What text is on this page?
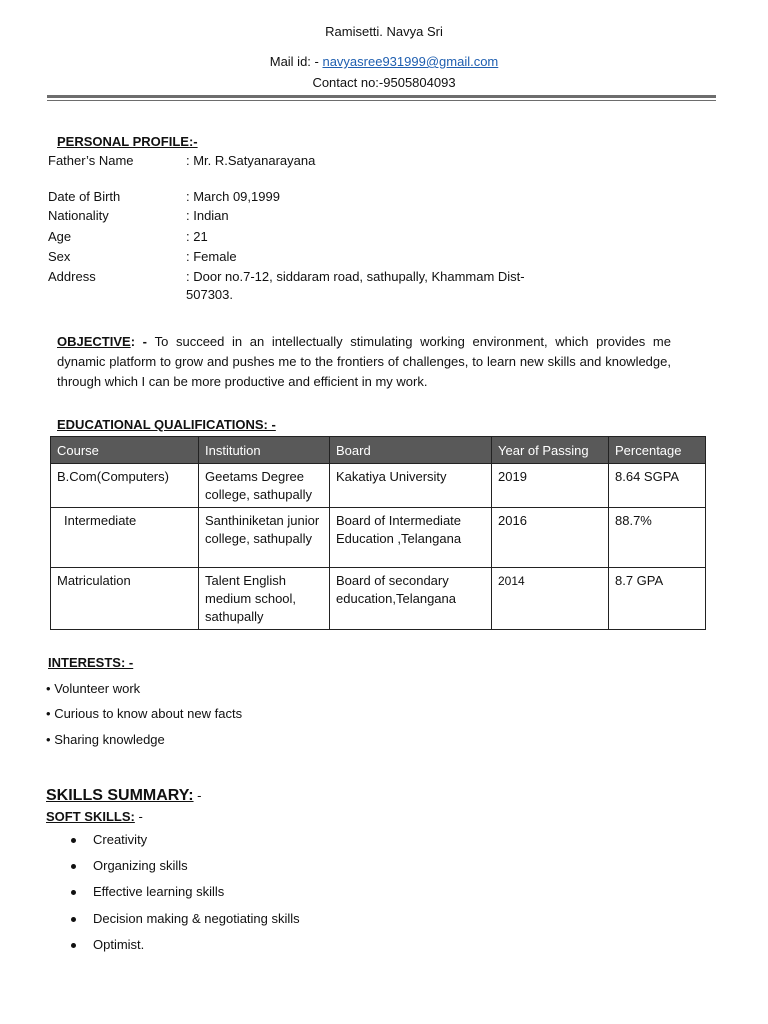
Ramisetti. Navya Sri
Mail id: - navyasree931999@gmail.com
Contact no:-9505804093
PERSONAL PROFILE:-
Father’s Name	: Mr. R.Satyanarayana
Date of Birth	: March 09,1999
Nationality	: Indian
Age	: 21
Sex	: Female
Address	: Door no.7-12, siddaram road, sathupally, Khammam Dist-
507303.
OBJECTIVE: - To succeed in an intellectually stimulating working environment, which provides me dynamic platform to grow and pushes me to the frontiers of challenges, to learn new skills and knowledge, through which I can be more productive and efficient in my work.
EDUCATIONAL QUALIFICATIONS: -
Course	Institution	Board	Year of Passing	Percentage
B.Com(Computers)	Geetams Degree college, sathupally	Kakatiya University	2019	8.64 SGPA
Intermediate	Santhiniketan junior college, sathupally	Board of Intermediate Education ,Telangana	2016	88.7%
Matriculation	Talent English medium school, sathupally	Board of secondary education,Telangana	2014	8.7 GPA
INTERESTS: -
• Volunteer work
• Curious to know about new facts
• Sharing knowledge
SKILLS SUMMARY: -
SOFT SKILLS: -
Creativity
Organizing skills
Effective learning skills
Decision making & negotiating skills
Optimist.
